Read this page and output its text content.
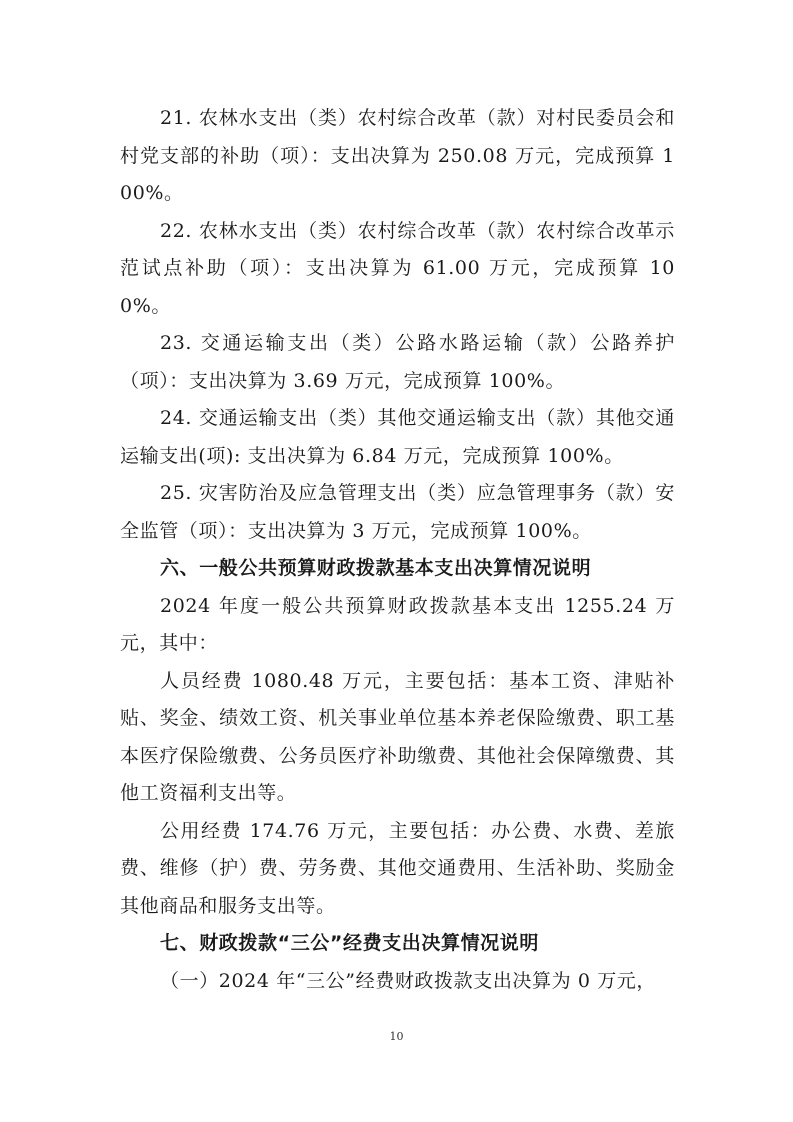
21. 农林水支出（类）农村综合改革（款）对村民委员会和村党支部的补助（项）：支出决算为 250.08 万元，完成预算 100%。

22. 农林水支出（类）农村综合改革（款）农村综合改革示范试点补助（项）：支出决算为 61.00 万元，完成预算 100%。

23. 交通运输支出（类）公路水路运输（款）公路养护（项）：支出决算为 3.69 万元，完成预算 100%。

24. 交通运输支出（类）其他交通运输支出（款）其他交通运输支出(项): 支出决算为 6.84 万元，完成预算 100%。

25. 灾害防治及应急管理支出（类）应急管理事务（款）安全监管（项）：支出决算为 3 万元，完成预算 100%。

六、一般公共预算财政拨款基本支出决算情况说明

2024 年度一般公共预算财政拨款基本支出 1255.24 万元，其中：

人员经费 1080.48 万元，主要包括：基本工资、津贴补贴、奖金、绩效工资、机关事业单位基本养老保险缴费、职工基本医疗保险缴费、公务员医疗补助缴费、其他社会保障缴费、其他工资福利支出等。

公用经费 174.76 万元，主要包括：办公费、水费、差旅费、维修（护）费、劳务费、其他交通费用、生活补助、奖励金其他商品和服务支出等。

七、财政拨款“三公”经费支出决算情况说明

（一）2024 年“三公”经费财政拨款支出决算为 0 万元，

10
